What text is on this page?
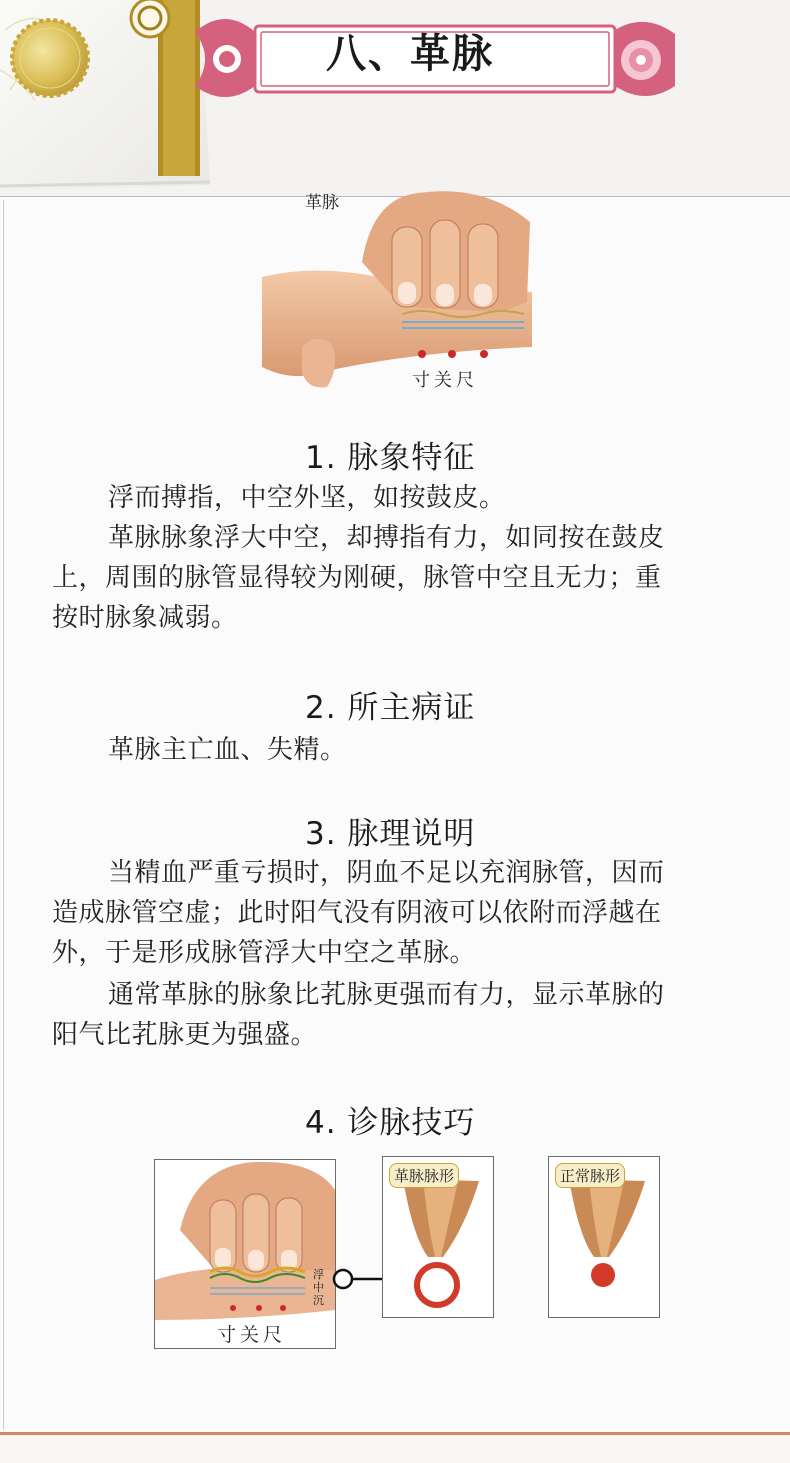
八、革脉
革脉
寸关尺
1. 脉象特征

浮而搏指，中空外坚，如按鼓皮。

革脉脉象浮大中空，却搏指有力，如同按在鼓皮
上，周围的脉管显得较为刚硬，脉管中空且无力；重
按时脉象减弱。

2. 所主病证

革脉主亡血、失精。

3. 脉理说明

当精血严重亏损时，阴血不足以充润脉管，因而
造成脉管空虚；此时阳气没有阴液可以依附而浮越在
外，于是形成脉管浮大中空之革脉。

通常革脉的脉象比芤脉更强而有力，显示革脉的
阳气比芤脉更为强盛。

4. 诊脉技巧
浮
中
沉
寸关尺
革脉脉形	正常脉形
